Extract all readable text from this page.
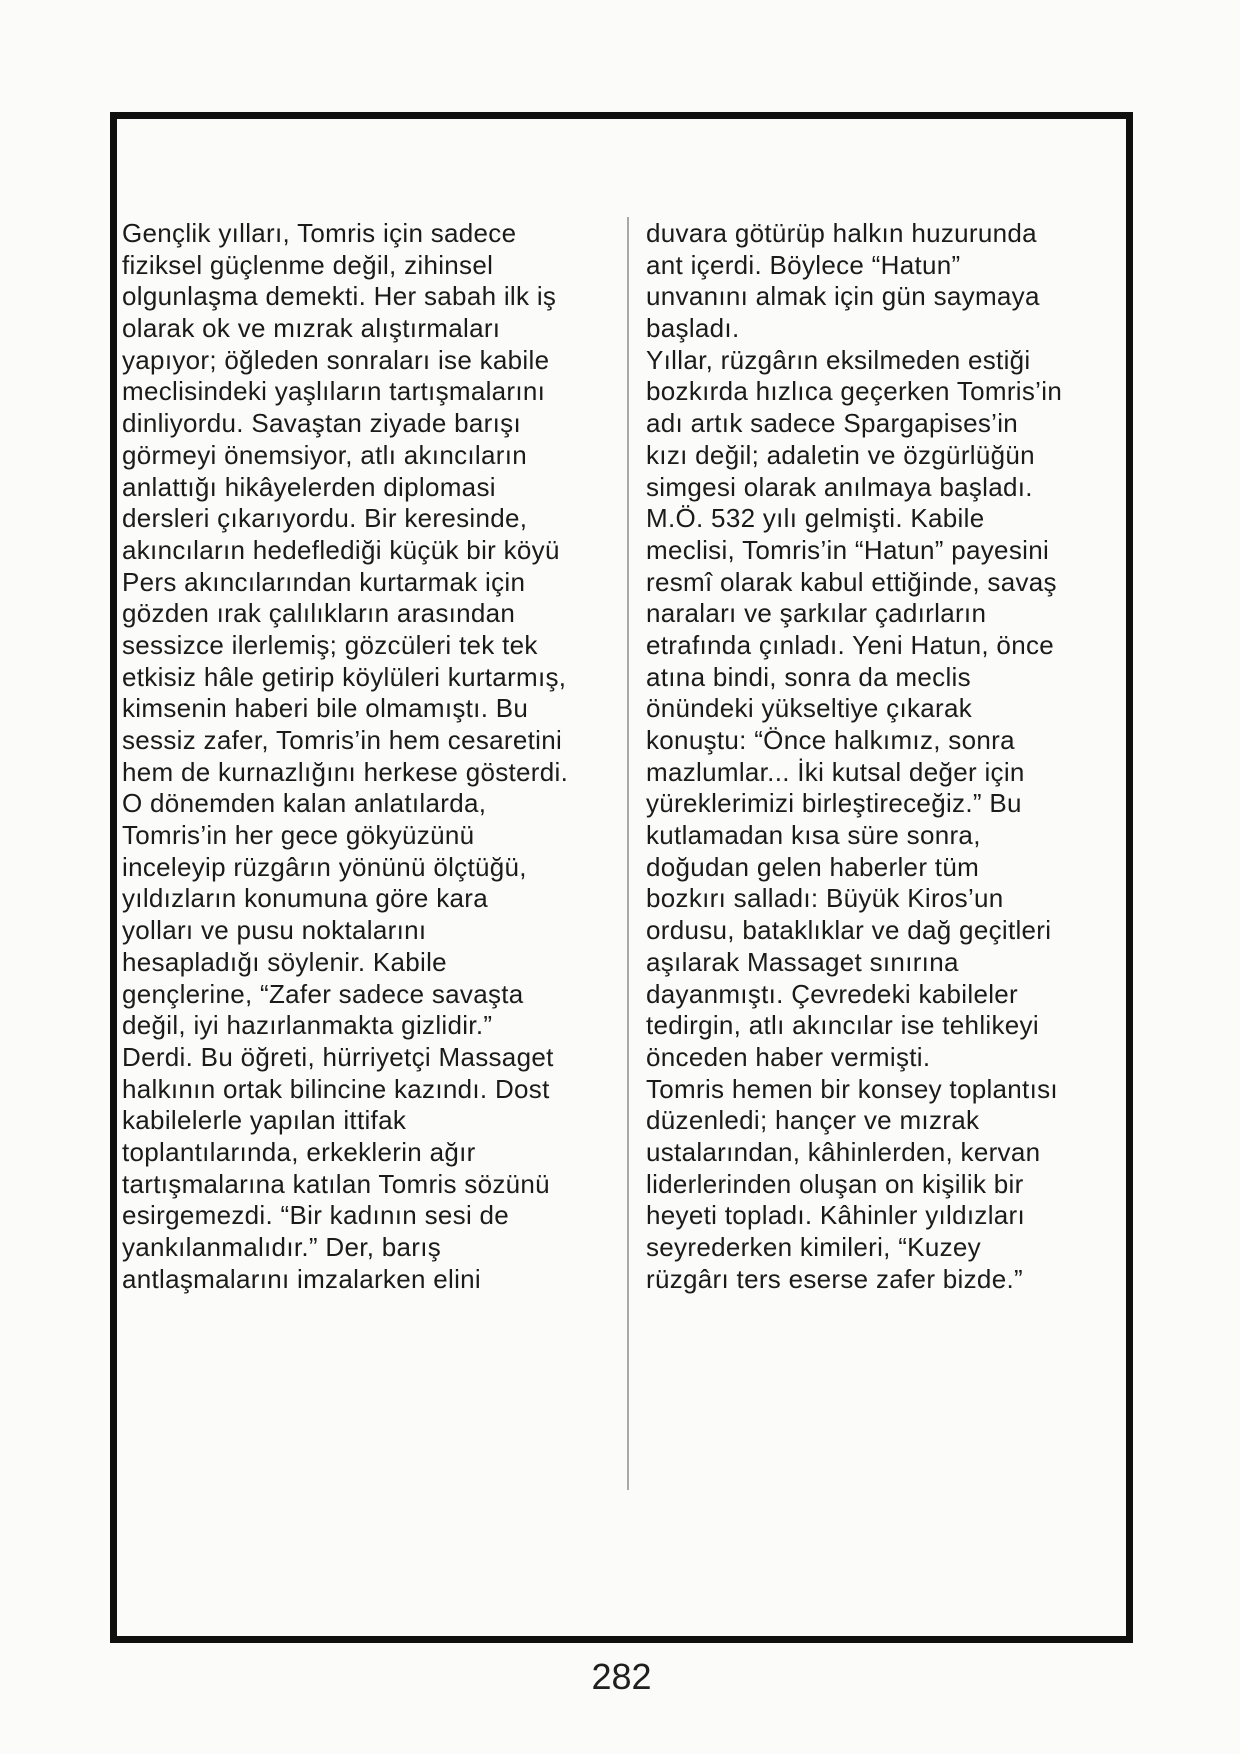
Gençlik yılları, Tomris için sadece
fiziksel güçlenme değil, zihinsel
olgunlaşma demekti. Her sabah ilk iş
olarak ok ve mızrak alıştırmaları
yapıyor; öğleden sonraları ise kabile
meclisindeki yaşlıların tartışmalarını
dinliyordu. Savaştan ziyade barışı
görmeyi önemsiyor, atlı akıncıların
anlattığı hikâyelerden diplomasi
dersleri çıkarıyordu. Bir keresinde,
akıncıların hedeflediği küçük bir köyü
Pers akıncılarından kurtarmak için
gözden ırak çalılıkların arasından
sessizce ilerlemiş; gözcüleri tek tek
etkisiz hâle getirip köylüleri kurtarmış,
kimsenin haberi bile olmamıştı. Bu
sessiz zafer, Tomris’in hem cesaretini
hem de kurnazlığını herkese gösterdi.
O dönemden kalan anlatılarda,
Tomris’in her gece gökyüzünü
inceleyip rüzgârın yönünü ölçtüğü,
yıldızların konumuna göre kara
yolları ve pusu noktalarını
hesapladığı söylenir. Kabile
gençlerine, “Zafer sadece savaşta
değil, iyi hazırlanmakta gizlidir.”
Derdi. Bu öğreti, hürriyetçi Massaget
halkının ortak bilincine kazındı. Dost
kabilelerle yapılan ittifak
toplantılarında, erkeklerin ağır
tartışmalarına katılan Tomris sözünü
esirgemezdi. “Bir kadının sesi de
yankılanmalıdır.” Der, barış
antlaşmalarını imzalarken elini
duvara götürüp halkın huzurunda
ant içerdi. Böylece “Hatun”
unvanını almak için gün saymaya
başladı.
Yıllar, rüzgârın eksilmeden estiği
bozkırda hızlıca geçerken Tomris’in
adı artık sadece Spargapises’in
kızı değil; adaletin ve özgürlüğün
simgesi olarak anılmaya başladı.
M.Ö. 532 yılı gelmişti. Kabile
meclisi, Tomris’in “Hatun” payesini
resmî olarak kabul ettiğinde, savaş
naraları ve şarkılar çadırların
etrafında çınladı. Yeni Hatun, önce
atına bindi, sonra da meclis
önündeki yükseltiye çıkarak
konuştu: “Önce halkımız, sonra
mazlumlar... İki kutsal değer için
yüreklerimizi birleştireceğiz.” Bu
kutlamadan kısa süre sonra,
doğudan gelen haberler tüm
bozkırı salladı: Büyük Kiros’un
ordusu, bataklıklar ve dağ geçitleri
aşılarak Massaget sınırına
dayanmıştı. Çevredeki kabileler
tedirgin, atlı akıncılar ise tehlikeyi
önceden haber vermişti.
Tomris hemen bir konsey toplantısı
düzenledi; hançer ve mızrak
ustalarından, kâhinlerden, kervan
liderlerinden oluşan on kişilik bir
heyeti topladı. Kâhinler yıldızları
seyrederken kimileri, “Kuzey
rüzgârı ters eserse zafer bizde.”
282
